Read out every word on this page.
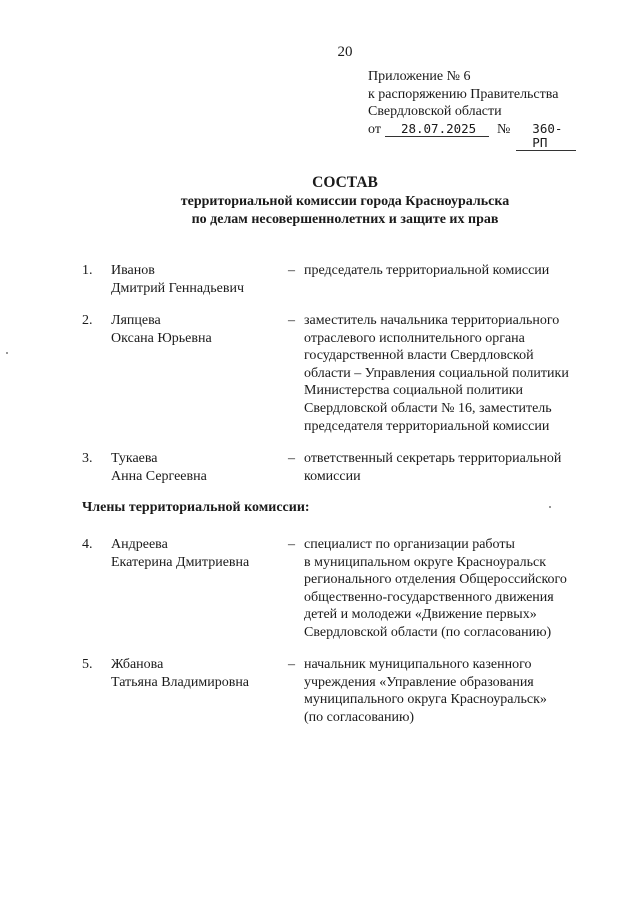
20
Приложение № 6
к распоряжению Правительства
Свердловской области
от	28.07.2025	№	360-РП
СОСТАВ
территориальной комиссии города Красноуральска
по делам несовершеннолетних и защите их прав
1. Иванов
Дмитрий Геннадьевич
– председатель территориальной комиссии
2. Ляпцева
Оксана Юрьевна
– заместитель начальника территориального
отраслевого исполнительного органа
государственной власти Свердловской
области – Управления социальной политики
Министерства социальной политики
Свердловской области № 16, заместитель
председателя территориальной комиссии
3. Тукаева
Анна Сергеевна
– ответственный секретарь территориальной
комиссии
Члены территориальной комиссии:
4. Андреева
Екатерина Дмитриевна
– специалист по организации работы
в муниципальном округе Красноуральск
регионального отделения Общероссийского
общественно-государственного движения
детей и молодежи «Движение первых»
Свердловской области (по согласованию)
5. Жбанова
Татьяна Владимировна
– начальник муниципального казенного
учреждения «Управление образования
муниципального округа Красноуральск»
(по согласованию)
